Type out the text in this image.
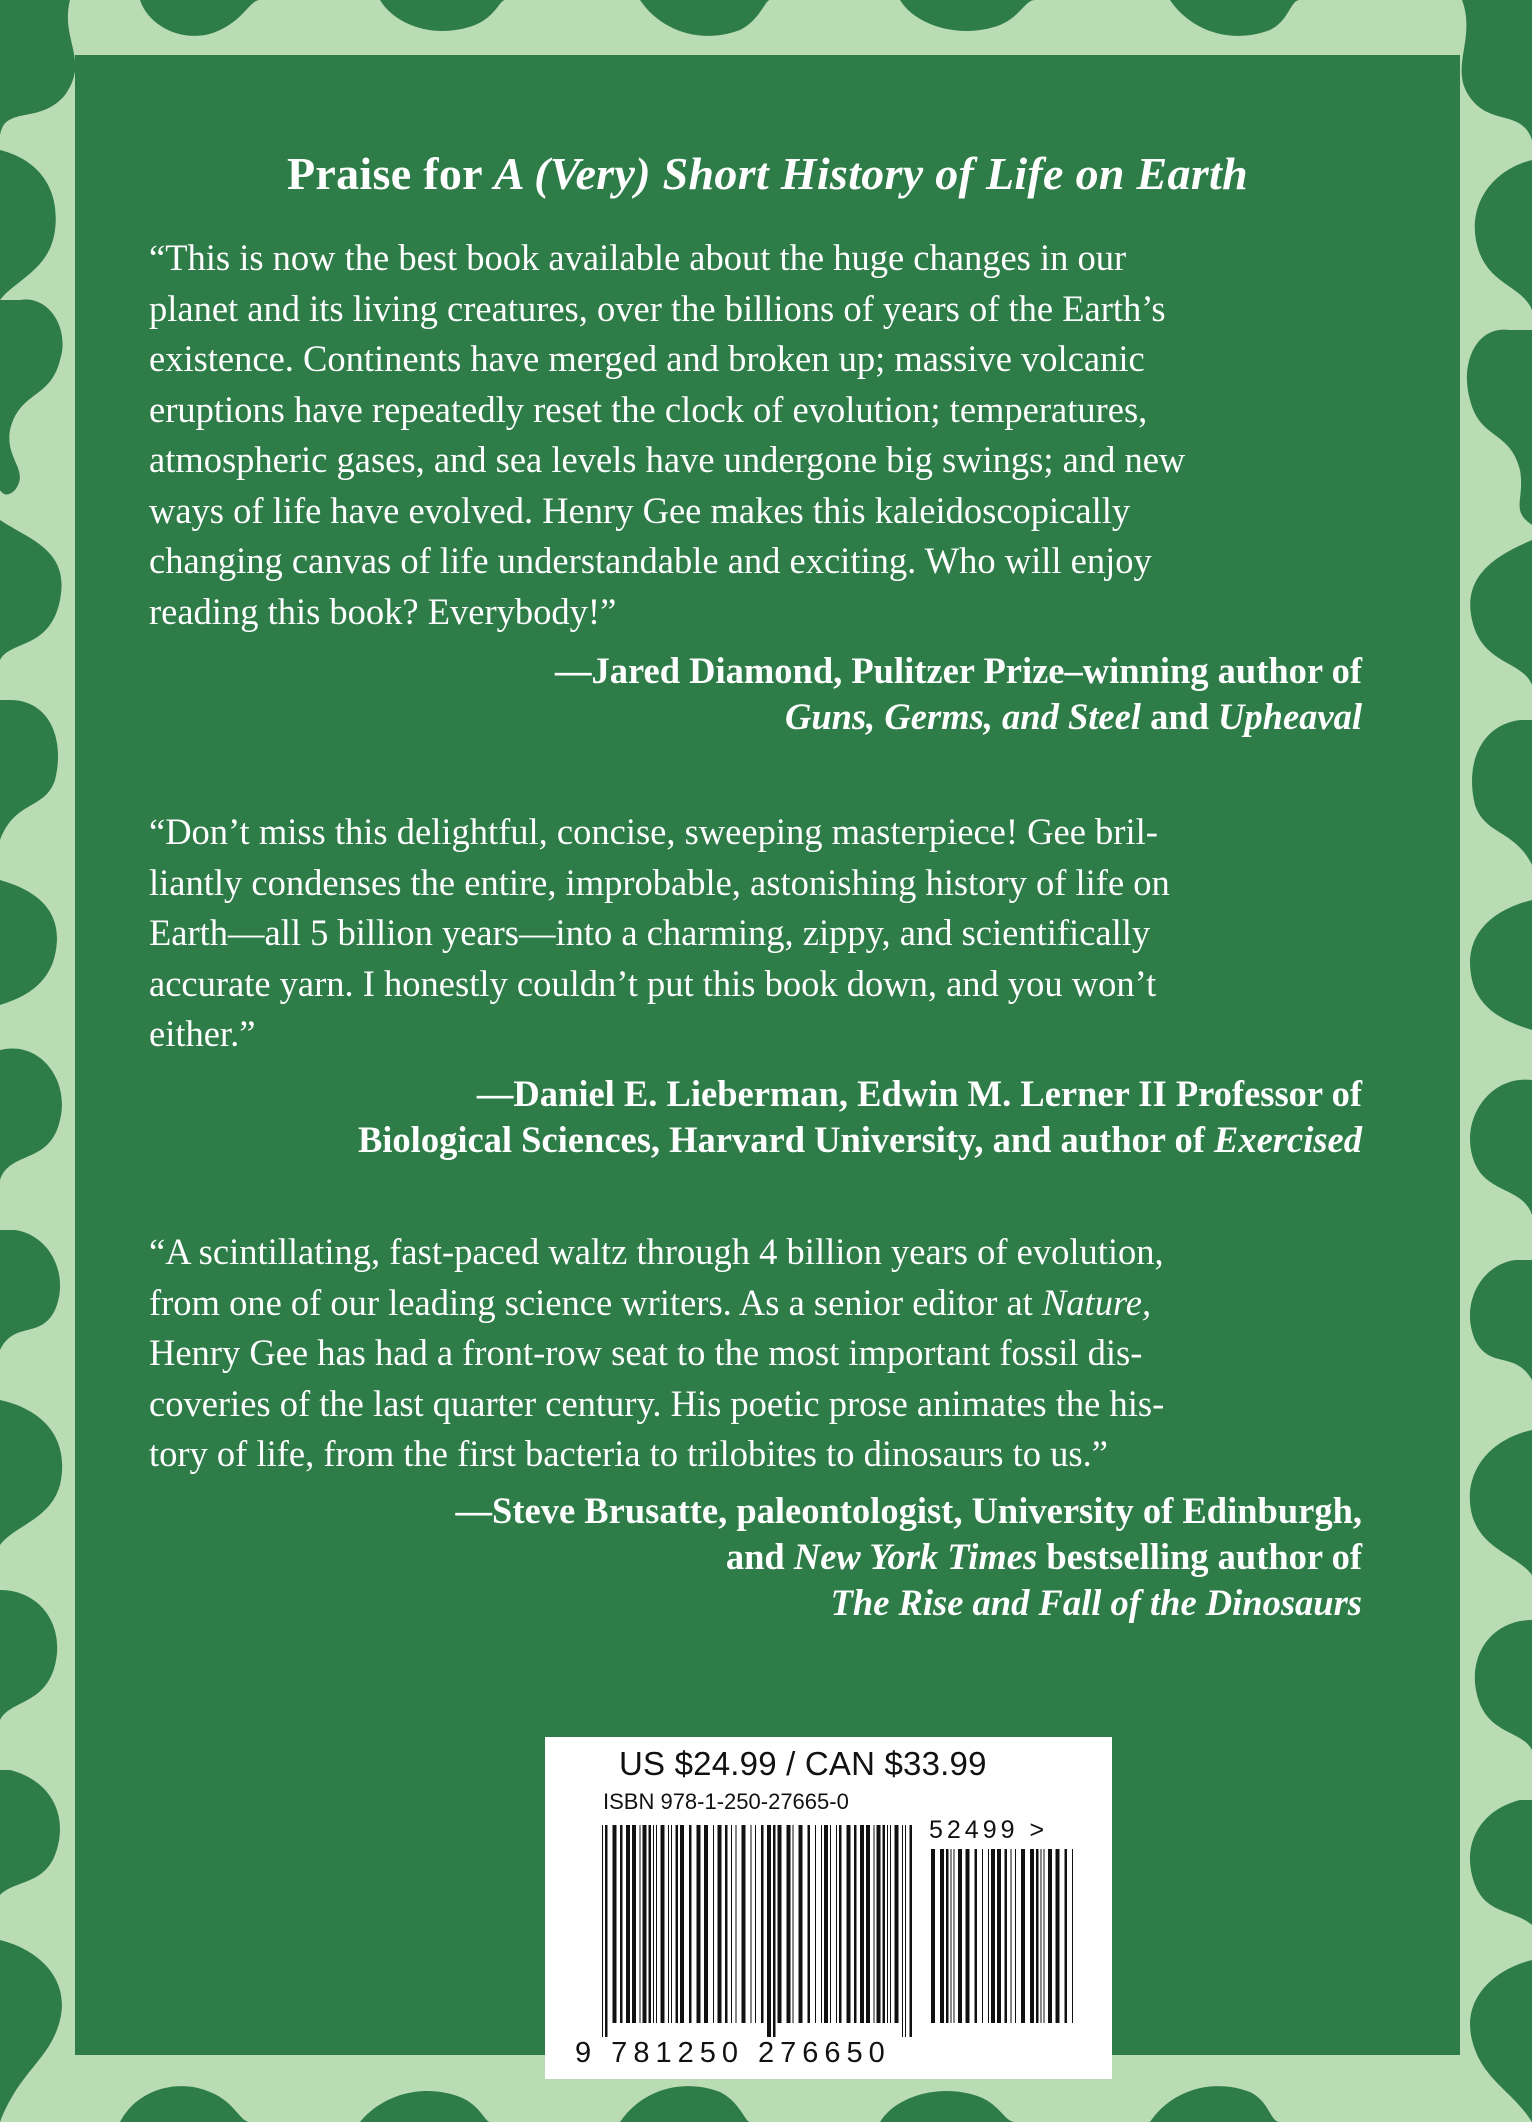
Praise for A (Very) Short History of Life on Earth
“This is now the best book available about the huge changes in our
planet and its living creatures, over the billions of years of the Earth’s
existence. Continents have merged and broken up; massive volcanic
eruptions have repeatedly reset the clock of evolution; temperatures,
atmospheric gases, and sea levels have undergone big swings; and new
ways of life have evolved. Henry Gee makes this kaleidoscopically
changing canvas of life understandable and exciting. Who will enjoy
reading this book? Everybody!”
—Jared Diamond, Pulitzer Prize–winning author of
Guns, Germs, and Steel and Upheaval
“Don’t miss this delightful, concise, sweeping masterpiece! Gee bril-
liantly condenses the entire, improbable, astonishing history of life on
Earth—all 5 billion years—into a charming, zippy, and scientifically
accurate yarn. I honestly couldn’t put this book down, and you won’t
either.”
—Daniel E. Lieberman, Edwin M. Lerner II Professor of
Biological Sciences, Harvard University, and author of Exercised
“A scintillating, fast-paced waltz through 4 billion years of evolution,
from one of our leading science writers. As a senior editor at Nature,
Henry Gee has had a front-row seat to the most important fossil dis-
coveries of the last quarter century. His poetic prose animates the his-
tory of life, from the first bacteria to trilobites to dinosaurs to us.”
—Steve Brusatte, paleontologist, University of Edinburgh,
and New York Times bestselling author of
The Rise and Fall of the Dinosaurs
US $24.99 / CAN $33.99
ISBN 978-1-250-27665-0
52499 >
9 781250 276650
